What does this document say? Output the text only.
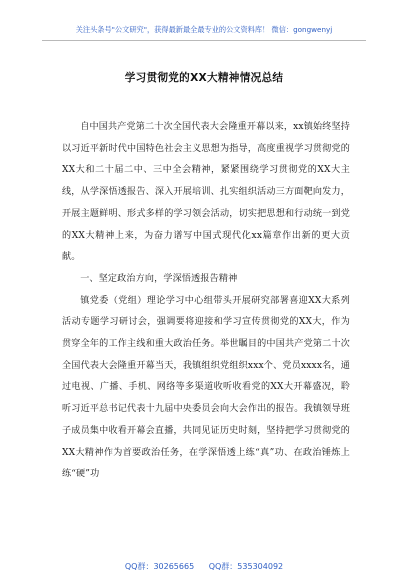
关注头条号"公文研究"，获得最新最全最专业的公文资料库！ 微信：gongwenyj
学习贯彻党的XX大精神情况总结

自中国共产党第二十次全国代表大会隆重开幕以来，xx镇始终坚持以习近平新时代中国特色社会主义思想为指导，高度重视学习贯彻党的XX大和二十届二中、三中全会精神，紧紧围绕学习贯彻党的XX大主线，从学深悟透报告、深入开展培训、扎实组织活动三方面靶向发力，开展主题鲜明、形式多样的学习领会活动，切实把思想和行动统一到党的XX大精神上来，为奋力谱写中国式现代化xx篇章作出新的更大贡献。

一、坚定政治方向，学深悟透报告精神

镇党委（党组）理论学习中心组带头开展研究部署喜迎XX大系列活动专题学习研讨会，强调要将迎接和学习宣传贯彻党的XX大，作为贯穿全年的工作主线和重大政治任务。举世瞩目的中国共产党第二十次全国代表大会隆重开幕当天，我镇组织党组织xxx个、党员xxxx名，通过电视、广播、手机、网络等多渠道收听收看党的XX大开幕盛况，聆听习近平总书记代表十九届中央委员会向大会作出的报告。我镇领导班子成员集中收看开幕会直播，共同见证历史时刻，坚持把学习贯彻党的XX大精神作为首要政治任务，在学深悟透上练“真”功、在政治锤炼上练“硬”功

QQ群：30265665 QQ群：535304092
